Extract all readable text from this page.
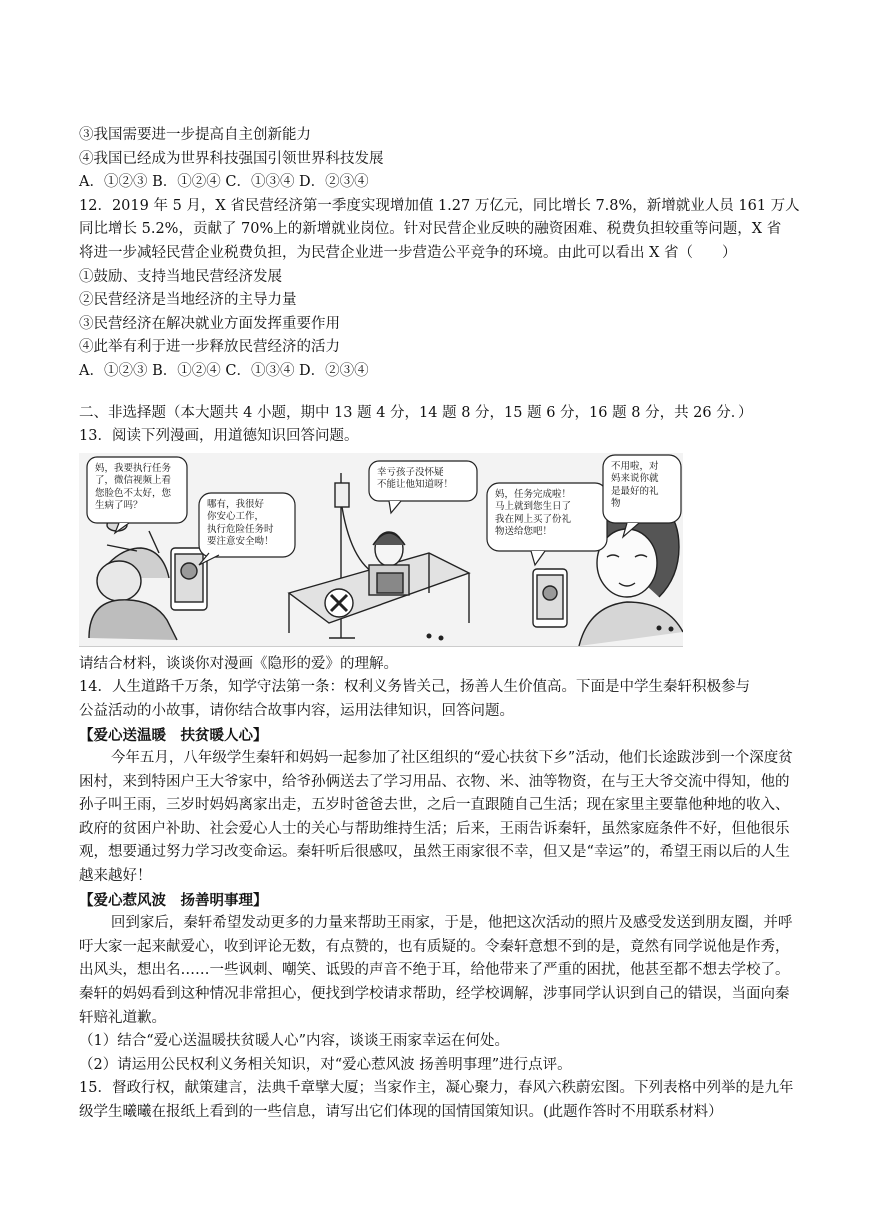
③我国需要进一步提高自主创新能力
④我国已经成为世界科技强国引领世界科技发展
A．①②③ B．①②④ C．①③④ D．②③④
12．2019 年 5 月，X 省民营经济第一季度实现增加值 1.27 万亿元，同比增长 7.8%，新增就业人员 161 万人
同比增长 5.2%，贡献了 70%上的新增就业岗位。针对民营企业反映的融资困难、税费负担较重等问题，X 省
将进一步减轻民营企业税费负担，为民营企业进一步营造公平竞争的环境。由此可以看出 X 省（　　）
①鼓励、支持当地民营经济发展
②民营经济是当地经济的主导力量
③民营经济在解决就业方面发挥重要作用
④此举有利于进一步释放民营经济的活力
A．①②③ B．①②④ C．①③④ D．②③④
二、非选择题（本大题共 4 小题，期中 13 题 4 分，14 题 8 分，15 题 6 分，16 题 8 分，共 26 分．）
13．阅读下列漫画，用道德知识回答问题。
妈，我要执行任务
了，微信视频上看
您脸色不太好，您
生病了吗？	哪有，我很好
你安心工作，
执行危险任务时
要注意安全呦！
幸亏孩子没怀疑
不能让他知道呀！
妈，任务完成啦！
马上就到您生日了
我在网上买了份礼
物送给您吧！
不用啦，对
妈来说你就
是最好的礼
物
请结合材料，谈谈你对漫画《隐形的爱》的理解。
14．人生道路千万条，知学守法第一条：权利义务皆关己，扬善人生价值高。下面是中学生秦轩积极参与
公益活动的小故事，请你结合故事内容，运用法律知识，回答问题。
【爱心送温暖　扶贫暖人心】
今年五月，八年级学生秦轩和妈妈一起参加了社区组织的“爱心扶贫下乡”活动，他们长途跋涉到一个深度贫困村，来到特困户王大爷家中，给爷孙俩送去了学习用品、衣物、米、油等物资，在与王大爷交流中得知，他的孙子叫王雨，三岁时妈妈离家出走，五岁时爸爸去世，之后一直跟随自己生活；现在家里主要靠他种地的收入、政府的贫困户补助、社会爱心人士的关心与帮助维持生活；后来，王雨告诉秦轩，虽然家庭条件不好，但他很乐观，想要通过努力学习改变命运。秦轩听后很感叹，虽然王雨家很不幸，但又是“幸运”的，希望王雨以后的人生越来越好！
【爱心惹风波　扬善明事理】
回到家后，秦轩希望发动更多的力量来帮助王雨家，于是，他把这次活动的照片及感受发送到朋友圈，并呼吁大家一起来献爱心，收到评论无数，有点赞的，也有质疑的。令秦轩意想不到的是，竟然有同学说他是作秀，出风头，想出名……一些讽刺、嘲笑、诋毁的声音不绝于耳，给他带来了严重的困扰，他甚至都不想去学校了。秦轩的妈妈看到这种情况非常担心，便找到学校请求帮助，经学校调解，涉事同学认识到自己的错误，当面向秦轩赔礼道歉。
（1）结合“爱心送温暖扶贫暖人心”内容，谈谈王雨家幸运在何处。
（2）请运用公民权利义务相关知识，对“爱心惹风波 扬善明事理”进行点评。
15．督政行权，献策建言，法典千章擘大厦；当家作主，凝心聚力，春风六秩蔚宏图。下列表格中列举的是九年级学生曦曦在报纸上看到的一些信息，请写出它们体现的国情国策知识。(此题作答时不用联系材料）
